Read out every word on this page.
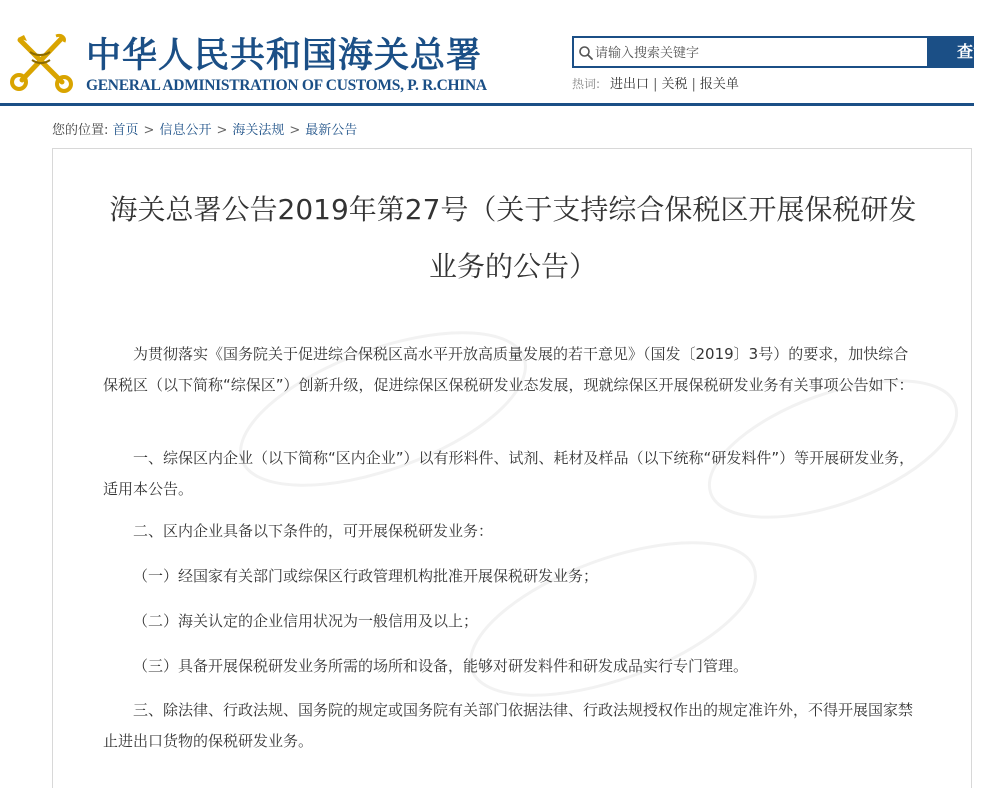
中华人民共和国海关总署
GENERAL ADMINISTRATION OF CUSTOMS, P. R.CHINA
请输入搜索关键字
查询
热词: 进出口 | 关税 | 报关单
您的位置: 首页 > 信息公开 > 海关法规 > 最新公告
海关总署公告2019年第27号（关于支持综合保税区开展保税研发
业务的公告）

为贯彻落实《国务院关于促进综合保税区高水平开放高质量发展的若干意见》（国发〔2019〕3号）的要求，加快综合保税区（以下简称“综保区”）创新升级，促进综保区保税研发业态发展，现就综保区开展保税研发业务有关事项公告如下：

一、综保区内企业（以下简称“区内企业”）以有形料件、试剂、耗材及样品（以下统称“研发料件”）等开展研发业务，适用本公告。

二、区内企业具备以下条件的，可开展保税研发业务：

（一）经国家有关部门或综保区行政管理机构批准开展保税研发业务；

（二）海关认定的企业信用状况为一般信用及以上；

（三）具备开展保税研发业务所需的场所和设备，能够对研发料件和研发成品实行专门管理。

三、除法律、行政法规、国务院的规定或国务院有关部门依据法律、行政法规授权作出的规定准许外，不得开展国家禁止进出口货物的保税研发业务。
